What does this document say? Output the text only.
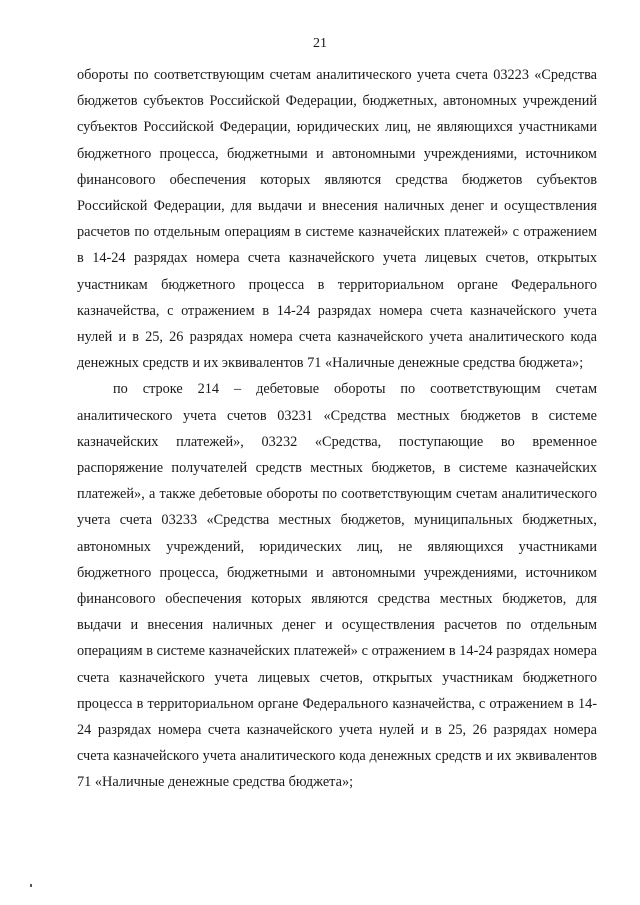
21

обороты по соответствующим счетам аналитического учета счета 03223 «Средства бюджетов субъектов Российской Федерации, бюджетных, автономных учреждений субъектов Российской Федерации, юридических лиц, не являющихся участниками бюджетного процесса, бюджетными и автономными учреждениями, источником финансового обеспечения которых являются средства бюджетов субъектов Российской Федерации, для выдачи и внесения наличных денег и осуществления расчетов по отдельным операциям в системе казначейских платежей» с отражением в 14-24 разрядах номера счета казначейского учета лицевых счетов, открытых участникам бюджетного процесса в территориальном органе Федерального казначейства, с отражением в 14-24 разрядах номера счета казначейского учета нулей и в 25, 26 разрядах номера счета казначейского учета аналитического кода денежных средств и их эквивалентов 71 «Наличные денежные средства бюджета»;

по строке 214 – дебетовые обороты по соответствующим счетам аналитического учета счетов 03231 «Средства местных бюджетов в системе казначейских платежей», 03232 «Средства, поступающие во временное распоряжение получателей средств местных бюджетов, в системе казначейских платежей», а также дебетовые обороты по соответствующим счетам аналитического учета счета 03233 «Средства местных бюджетов, муниципальных бюджетных, автономных учреждений, юридических лиц, не являющихся участниками бюджетного процесса, бюджетными и автономными учреждениями, источником финансового обеспечения которых являются средства местных бюджетов, для выдачи и внесения наличных денег и осуществления расчетов по отдельным операциям в системе казначейских платежей» с отражением в 14-24 разрядах номера счета казначейского учета лицевых счетов, открытых участникам бюджетного процесса в территориальном органе Федерального казначейства, с отражением в 14-24 разрядах номера счета казначейского учета нулей и в 25, 26 разрядах номера счета казначейского учета аналитического кода денежных средств и их эквивалентов 71 «Наличные денежные средства бюджета»;
